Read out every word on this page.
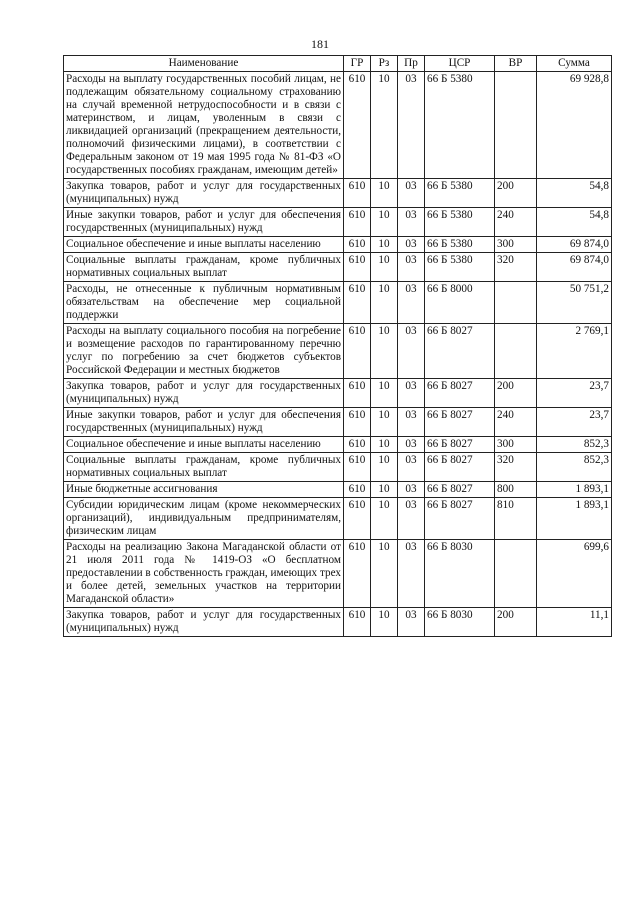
181
Наименование	ГР	Рз	Пр	ЦСР	ВР	Сумма
Расходы на выплату государственных пособий лицам, не подлежащим обязательному социальному страхованию на случай временной нетрудоспособности и в связи с материнством, и лицам, уволенным в связи с ликвидацией организаций (прекращением деятельности, полномочий физическими лицами), в соответствии с Федеральным законом от 19 мая 1995 года № 81-ФЗ «О государственных пособиях гражданам, имеющим детей»	610	10	03	66 Б 5380		69 928,8
Закупка товаров, работ и услуг для государственных (муниципальных) нужд	610	10	03	66 Б 5380	200	54,8
Иные закупки товаров, работ и услуг для обеспечения государственных (муниципальных) нужд	610	10	03	66 Б 5380	240	54,8
Социальное обеспечение и иные выплаты населению	610	10	03	66 Б 5380	300	69 874,0
Социальные выплаты гражданам, кроме публичных нормативных социальных выплат	610	10	03	66 Б 5380	320	69 874,0
Расходы, не отнесенные к публичным нормативным обязательствам на обеспечение мер социальной поддержки	610	10	03	66 Б 8000		50 751,2
Расходы на выплату социального пособия на погребение и возмещение расходов по гарантированному перечню услуг по погребению за счет бюджетов субъектов Российской Федерации и местных бюджетов	610	10	03	66 Б 8027		2 769,1
Закупка товаров, работ и услуг для государственных (муниципальных) нужд	610	10	03	66 Б 8027	200	23,7
Иные закупки товаров, работ и услуг для обеспечения государственных (муниципальных) нужд	610	10	03	66 Б 8027	240	23,7
Социальное обеспечение и иные выплаты населению	610	10	03	66 Б 8027	300	852,3
Социальные выплаты гражданам, кроме публичных нормативных социальных выплат	610	10	03	66 Б 8027	320	852,3
Иные бюджетные ассигнования	610	10	03	66 Б 8027	800	1 893,1
Субсидии юридическим лицам (кроме некоммерческих организаций), индивидуальным предпринимателям, физическим лицам	610	10	03	66 Б 8027	810	1 893,1
Расходы на реализацию Закона Магаданской области от 21 июля 2011 года № 1419-ОЗ «О бесплатном предоставлении в собственность граждан, имеющих трех и более детей, земельных участков на территории Магаданской области»	610	10	03	66 Б 8030		699,6
Закупка товаров, работ и услуг для государственных (муниципальных) нужд	610	10	03	66 Б 8030	200	11,1
